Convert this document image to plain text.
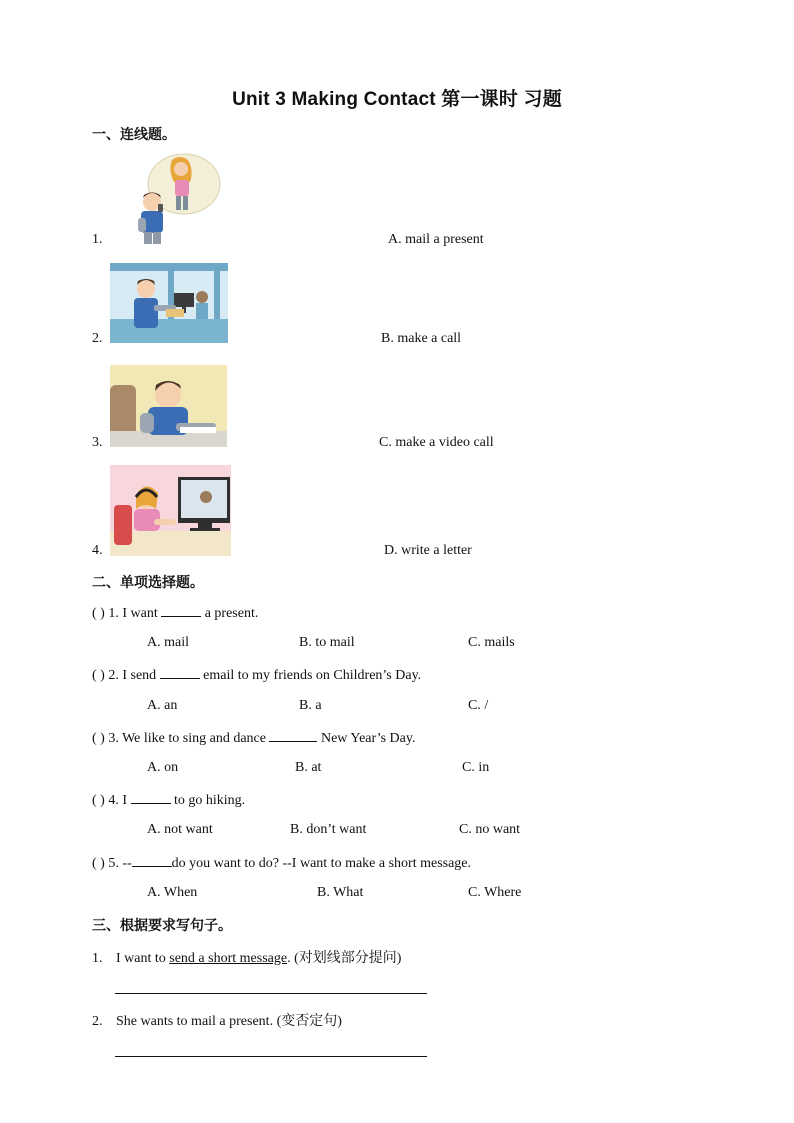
Unit 3 Making Contact 第一课时 习题
一、连线题。
1.	A. mail a present
2.	B. make a call
3.	C. make a video call
4.	D. write a letter
二、单项选择题。
( ) 1. I want	a present.
A. mail	B. to mail	C. mails
( ) 2. I send	email to my friends on Children’s Day.
A. an	B. a	C. /
( ) 3. We like to sing and dance	New Year’s Day.
A. on	B. at	C. in
( ) 4. I	to go hiking.
A. not want	B. don’t want	C. no want
( ) 5. --	do you want to do? --I want to make a short message.
A. When	B. What	C. Where
三、根据要求写句子。
1. I want to send a short message. (对划线部分提问)
2. She wants to mail a present. (变否定句)
